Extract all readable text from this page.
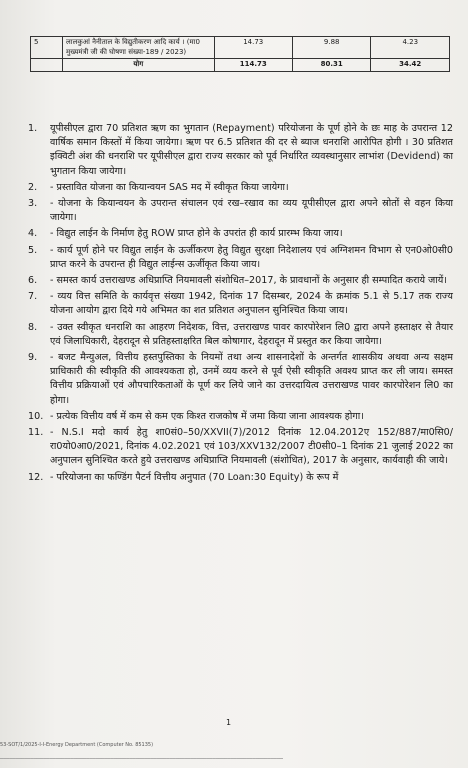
5	लालकुआं नैनीताल के विद्युतीकरण आदि कार्य । (मा0 मुख्यमंत्री जी की घोषणा संख्या-189 / 2023)	14.73	9.88	4.23
	योग	114.73	80.31	34.42
1.	यूपीसीएल द्वारा 70 प्रतिशत ऋण का भुगतान (Repayment) परियोजना के पूर्ण होने के छः माह के उपरान्त 12 वार्षिक समान किस्तों में किया जायेगा। ऋण पर 6.5 प्रतिशत की दर से ब्याज धनराशि आरोपित होगी । 30 प्रतिशत इक्विटी अंश की धनराशि पर यूपीसीएल द्वारा राज्य सरकार को पूर्व निर्धारित व्यवस्थानुसार लाभांश (Devidend) का भुगतान किया जायेगा।
2.	- प्रस्तावित योजना का कियान्वयन SAS मद में स्वीकृत किया जायेगा।
3.	- योजना के कियान्वयन के उपरान्त संचालन एवं रख–रखाव का व्यय यूपीसीएल द्वारा अपने स्रोतों से वहन किया जायेगा।
4.	- विद्युत लाईन के निर्माण हेतु ROW प्राप्त होने के उपरांत ही कार्य प्रारम्भ किया जाय।
5.	- कार्य पूर्ण होने पर विद्युत लाईन के ऊर्जीकरण हेतु विद्युत सुरक्षा निदेशालय एवं अग्निशमन विभाग से एन0ओ0सी0 प्राप्त करने के उपरान्त ही विद्युत लाईन्स ऊर्जीकृत किया जाय।
6.	- समस्त कार्य उत्तराखण्ड अधिप्राप्ति नियमावली संशोधित–2017, के प्रावधानों के अनुसार ही सम्पादित कराये जायें।
7.	- व्यय वित्त समिति के कार्यवृत्त संख्या 1942, दिनांक 17 दिसम्बर, 2024 के क्रमांक 5.1 से 5.17 तक राज्य योजना आयोग द्वारा दिये गये अभिमत का शत प्रतिशत अनुपालन सुनिश्चित किया जाय।
8.	- उक्त स्वीकृत धनराशि का आहरण निदेशक, वित्त, उत्तराखण्ड पावर कारपोरेशन लि0 द्वारा अपने हस्ताक्षर से तैयार एवं जिलाधिकारी, देहरादून से प्रतिहस्ताक्षरित बिल कोषागार, देहरादून में प्रस्तुत कर किया जायेगा।
9.	- बजट मैन्युअल, वित्तीय हस्तपुस्तिका के नियमों तथा अन्य शासनादेशों के अन्तर्गत शासकीय अथवा अन्य सक्षम प्राधिकारी की स्वीकृति की आवश्यकता हो, उनमें व्यय करने से पूर्व ऐसी स्वीकृति अवश्य प्राप्त कर ली जाय। समस्त वित्तीय प्रक्रियाओं एवं औपचारिकताओं के पूर्ण कर लिये जाने का उत्तरदायित्व उत्तराखण्ड पावर कारपोरेशन लि0 का होगा।
10. - प्रत्येक वित्तीय वर्ष में कम से कम एक किश्त राजकोष में जमा किया जाना आवश्यक होगा।
11. - N.S.I मदो कार्य हेतु शा0सं0–50/XXVII(7)/2012 दिनांक 12.04.2012ए 152/887/मा0सि0/ रा0यो0आ0/2021, दिनांक 4.02.2021 एवं 103/XXV132/2007 टी0सी0–1 दिनांक 21 जुलाई 2022 का अनुपालन सुनिश्चित करते हुये उत्तराखण्ड अधिप्राप्ति नियमावली (संशोधित), 2017 के अनुसार, कार्यवाही की जाये।
12. - परियोजना का फण्डिंग पैटर्न वित्तीय अनुपात (70 Loan:30 Equity) के रूप में
1
53-SOT/1/2025-I-I-Energy Department (Computer No. 85135)
▁▁▁▁▁▁▁▁▁▁▁▁▁▁▁▁▁▁▁▁▁▁▁▁▁▁▁▁▁▁▁▁▁▁▁▁▁▁▁▁▁▁▁▁▁▁▁▁▁▁▁▁▁▁▁▁▁▁▁▁▁▁▁▁▁▁▁▁▁▁▁▁▁▁▁▁▁▁▁▁▁▁▁▁▁▁▁▁▁▁▁▁
